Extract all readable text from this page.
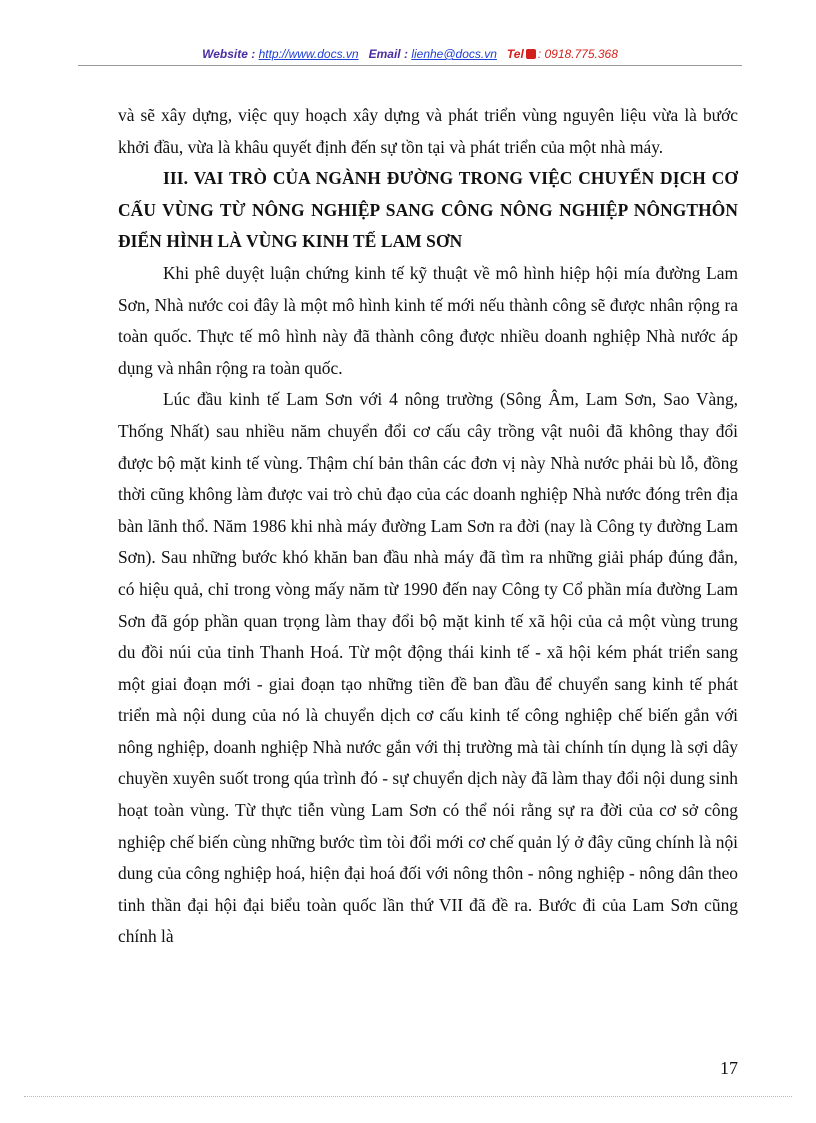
Website : http://www.docs.vn Email : lienhe@docs.vn Tel : 0918.775.368

và sẽ xây dựng, việc quy hoạch xây dựng và phát triển vùng nguyên liệu vừa là bước khởi đầu, vừa là khâu quyết định đến sự tồn tại và phát triển của một nhà máy.

III. VAI TRÒ CỦA NGÀNH ĐƯỜNG TRONG VIỆC CHUYỂN DỊCH CƠ CẤU VÙNG TỪ NÔNG NGHIỆP SANG CÔNG NÔNG NGHIỆP NÔNGTHÔN ĐIỂN HÌNH LÀ VÙNG KINH TẾ LAM SƠN

Khi phê duyệt luận chứng kinh tế kỹ thuật về mô hình hiệp hội mía đường Lam Sơn, Nhà nước coi đây là một mô hình kinh tế mới nếu thành công sẽ được nhân rộng ra toàn quốc. Thực tế mô hình này đã thành công được nhiều doanh nghiệp Nhà nước áp dụng và nhân rộng ra toàn quốc.

Lúc đầu kinh tế Lam Sơn với 4 nông trường (Sông Âm, Lam Sơn, Sao Vàng, Thống Nhất) sau nhiều năm chuyển đổi cơ cấu cây trồng vật nuôi đã không thay đổi được bộ mặt kinh tế vùng. Thậm chí bản thân các đơn vị này Nhà nước phải bù lỗ, đồng thời cũng không làm được vai trò chủ đạo của các doanh nghiệp Nhà nước đóng trên địa bàn lãnh thổ. Năm 1986 khi nhà máy đường Lam Sơn ra đời (nay là Công ty đường Lam Sơn). Sau những bước khó khăn ban đầu nhà máy đã tìm ra những giải pháp đúng đắn, có hiệu quả, chỉ trong vòng mấy năm từ 1990 đến nay Công ty Cổ phần mía đường Lam Sơn đã góp phần quan trọng làm thay đổi bộ mặt kinh tế xã hội của cả một vùng trung du đồi núi của tỉnh Thanh Hoá. Từ một động thái kinh tế - xã hội kém phát triển sang một giai đoạn mới - giai đoạn tạo những tiền đề ban đầu để chuyển sang kinh tế phát triển mà nội dung của nó là chuyển dịch cơ cấu kinh tế công nghiệp chế biến gắn với nông nghiệp, doanh nghiệp Nhà nước gắn với thị trường mà tài chính tín dụng là sợi dây chuyền xuyên suốt trong qúa trình đó - sự chuyển dịch này đã làm thay đổi nội dung sinh hoạt toàn vùng. Từ thực tiễn vùng Lam Sơn có thể nói rằng sự ra đời của cơ sở công nghiệp chế biến cùng những bước tìm tòi đổi mới cơ chế quản lý ở đây cũng chính là nội dung của công nghiệp hoá, hiện đại hoá đối với nông thôn - nông nghiệp - nông dân theo tinh thần đại hội đại biểu toàn quốc lần thứ VII đã đề ra. Bước đi của Lam Sơn cũng chính là

17
